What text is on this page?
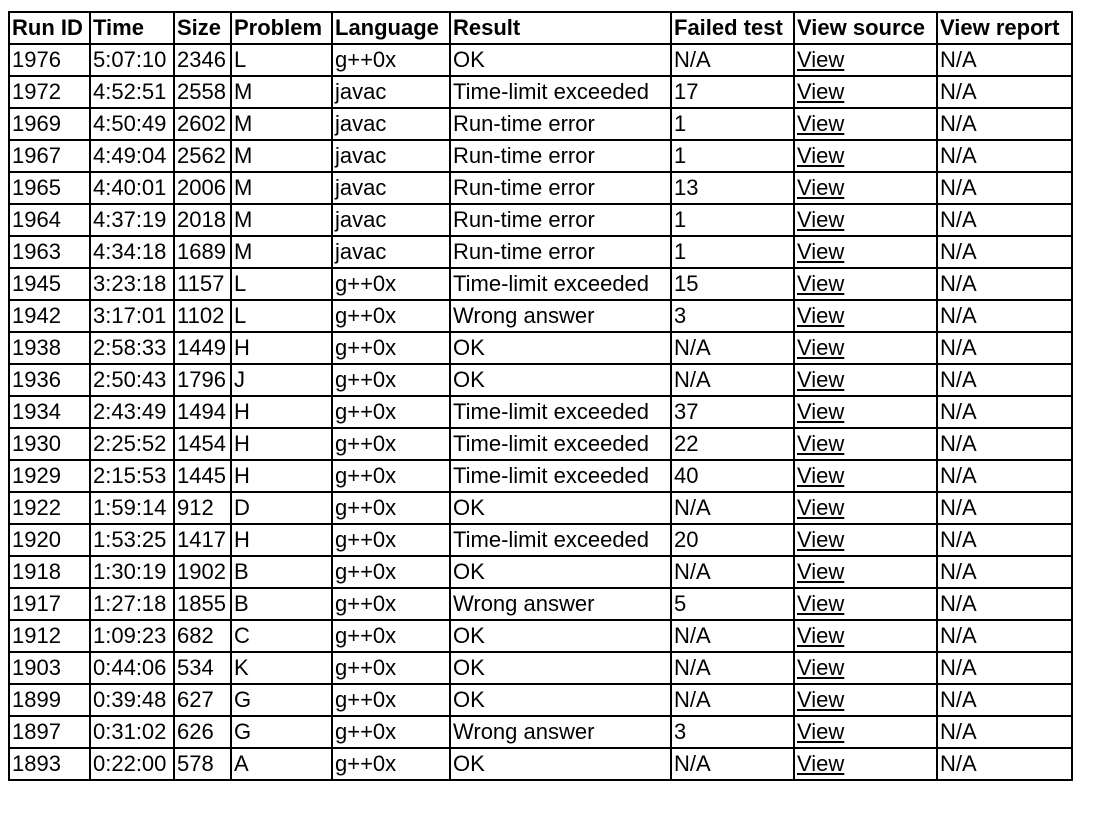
Run ID	Time	Size	Problem	Language	Result	Failed test	View source	View report
1976	5:07:10	2346	L	g++0x	OK	N/A	View	N/A
1972	4:52:51	2558	M	javac	Time-limit exceeded	17	View	N/A
1969	4:50:49	2602	M	javac	Run-time error	1	View	N/A
1967	4:49:04	2562	M	javac	Run-time error	1	View	N/A
1965	4:40:01	2006	M	javac	Run-time error	13	View	N/A
1964	4:37:19	2018	M	javac	Run-time error	1	View	N/A
1963	4:34:18	1689	M	javac	Run-time error	1	View	N/A
1945	3:23:18	1157	L	g++0x	Time-limit exceeded	15	View	N/A
1942	3:17:01	1102	L	g++0x	Wrong answer	3	View	N/A
1938	2:58:33	1449	H	g++0x	OK	N/A	View	N/A
1936	2:50:43	1796	J	g++0x	OK	N/A	View	N/A
1934	2:43:49	1494	H	g++0x	Time-limit exceeded	37	View	N/A
1930	2:25:52	1454	H	g++0x	Time-limit exceeded	22	View	N/A
1929	2:15:53	1445	H	g++0x	Time-limit exceeded	40	View	N/A
1922	1:59:14	912	D	g++0x	OK	N/A	View	N/A
1920	1:53:25	1417	H	g++0x	Time-limit exceeded	20	View	N/A
1918	1:30:19	1902	B	g++0x	OK	N/A	View	N/A
1917	1:27:18	1855	B	g++0x	Wrong answer	5	View	N/A
1912	1:09:23	682	C	g++0x	OK	N/A	View	N/A
1903	0:44:06	534	K	g++0x	OK	N/A	View	N/A
1899	0:39:48	627	G	g++0x	OK	N/A	View	N/A
1897	0:31:02	626	G	g++0x	Wrong answer	3	View	N/A
1893	0:22:00	578	A	g++0x	OK	N/A	View	N/A
